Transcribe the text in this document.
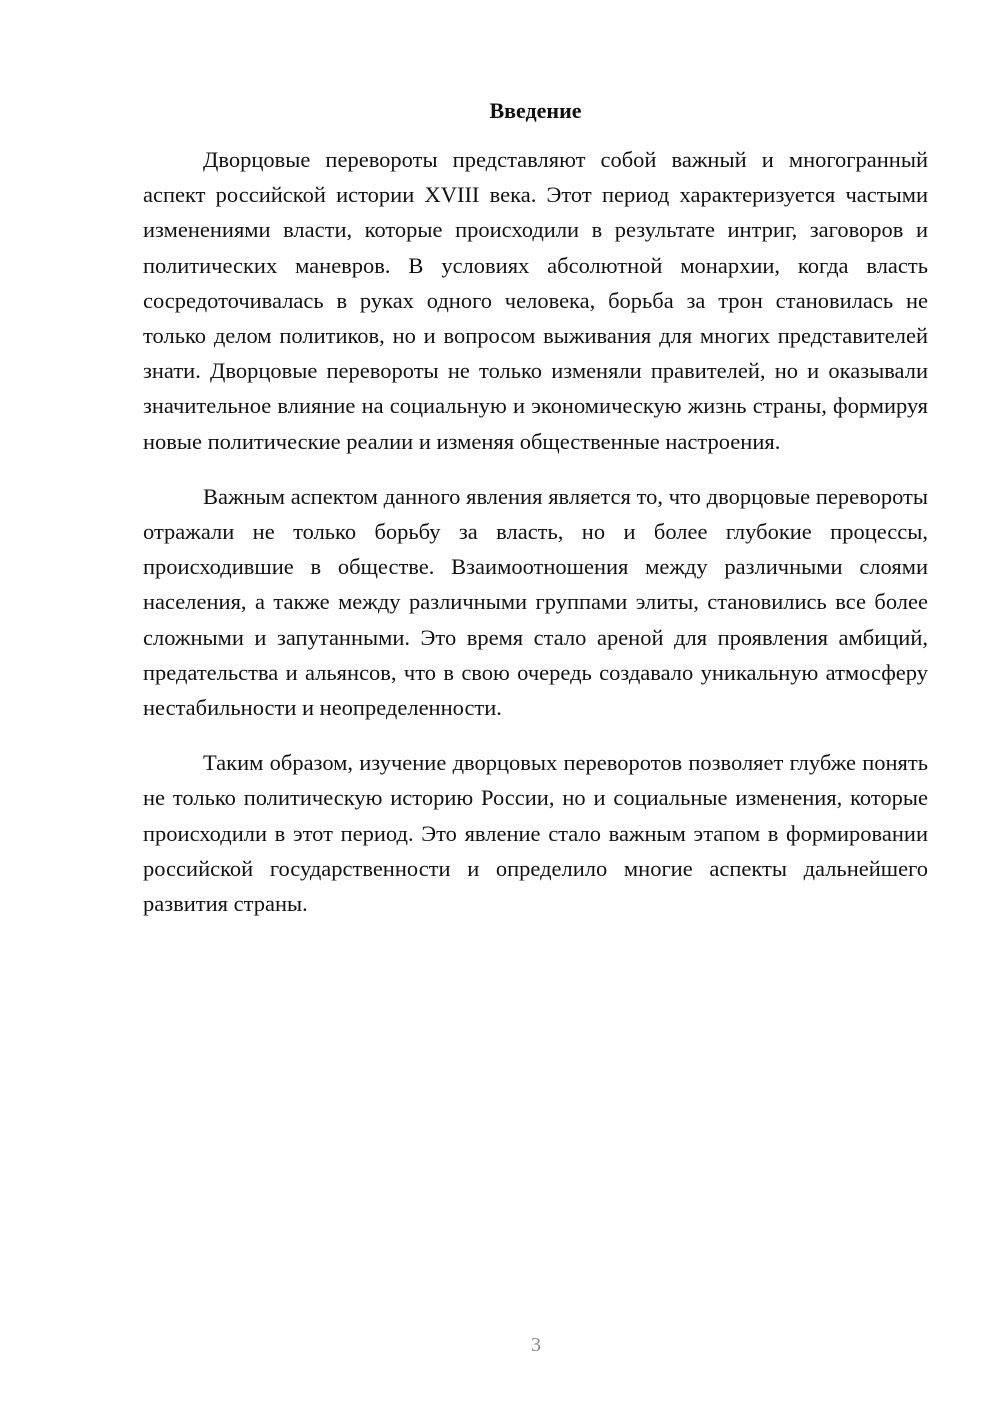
Введение

Дворцовые перевороты представляют собой важный и многогранный аспект российской истории XVIII века. Этот период характеризуется частыми изменениями власти, которые происходили в результате интриг, заговоров и политических маневров. В условиях абсолютной монархии, когда власть сосредоточивалась в руках одного человека, борьба за трон становилась не только делом политиков, но и вопросом выживания для многих представителей знати. Дворцовые перевороты не только изменяли правителей, но и оказывали значительное влияние на социальную и экономическую жизнь страны, формируя новые политические реалии и изменяя общественные настроения.

Важным аспектом данного явления является то, что дворцовые перевороты отражали не только борьбу за власть, но и более глубокие процессы, происходившие в обществе. Взаимоотношения между различными слоями населения, а также между различными группами элиты, становились все более сложными и запутанными. Это время стало ареной для проявления амбиций, предательства и альянсов, что в свою очередь создавало уникальную атмосферу нестабильности и неопределенности.

Таким образом, изучение дворцовых переворотов позволяет глубже понять не только политическую историю России, но и социальные изменения, которые происходили в этот период. Это явление стало важным этапом в формировании российской государственности и определило многие аспекты дальнейшего развития страны.

3
